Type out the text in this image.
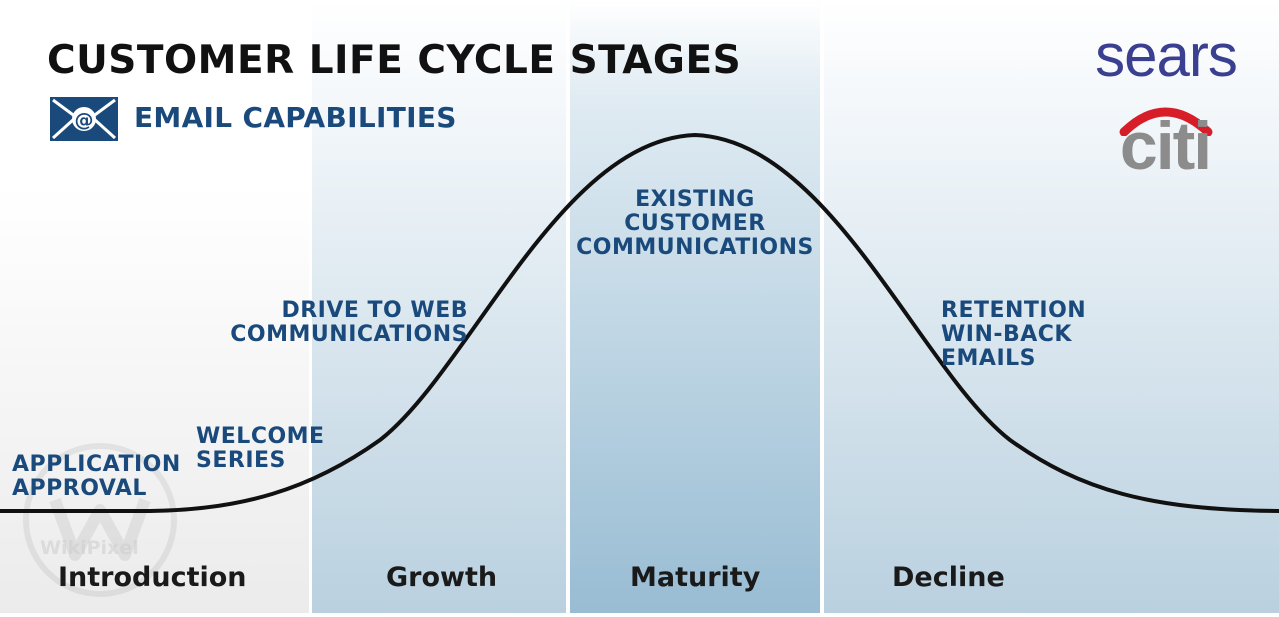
WikiPixel
CUSTOMER LIFE CYCLE STAGES
@ EMAIL CAPABILITIES
sears
citi
APPLICATION
APPROVAL
WELCOME
SERIES
DRIVE TO WEB
COMMUNICATIONS
EXISTING
CUSTOMER
COMMUNICATIONS
RETENTION
WIN-BACK
EMAILS
Introduction	Growth	Maturity	Decline
